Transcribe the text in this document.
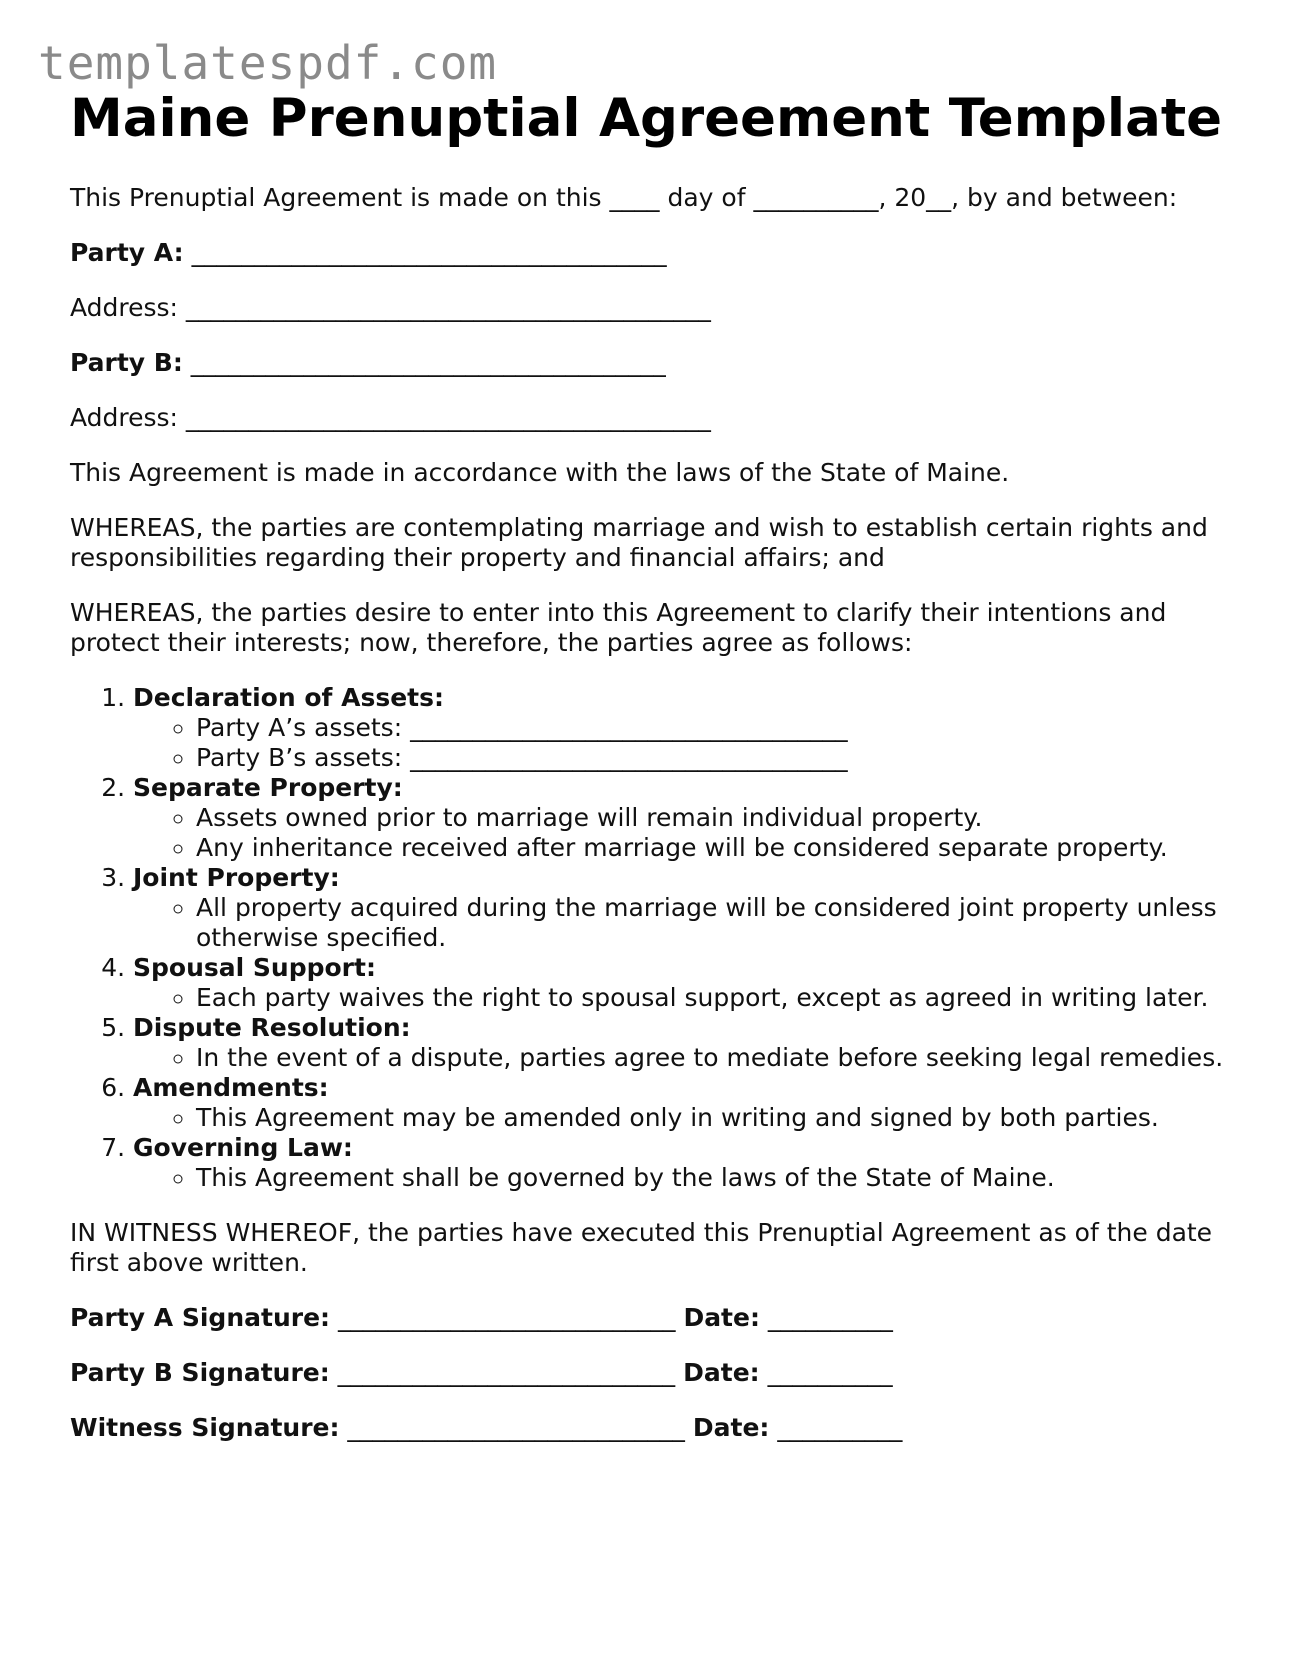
templatespdf.com
Maine Prenuptial Agreement Template

This Prenuptial Agreement is made on this ____ day of __________, 20__, by and between:

Party A: ______________________________________

Address: __________________________________________

Party B: ______________________________________

Address: __________________________________________

This Agreement is made in accordance with the laws of the State of Maine.

WHEREAS, the parties are contemplating marriage and wish to establish certain rights and responsibilities regarding their property and financial affairs; and

WHEREAS, the parties desire to enter into this Agreement to clarify their intentions and protect their interests; now, therefore, the parties agree as follows:

1. Declaration of Assets:
◦ Party A’s assets: ___________________________________
◦ Party B’s assets: ___________________________________
2. Separate Property:
◦ Assets owned prior to marriage will remain individual property.
◦ Any inheritance received after marriage will be considered separate property.
3. Joint Property:
◦ All property acquired during the marriage will be considered joint property unless otherwise specified.
4. Spousal Support:
◦ Each party waives the right to spousal support, except as agreed in writing later.
5. Dispute Resolution:
◦ In the event of a dispute, parties agree to mediate before seeking legal remedies.
6. Amendments:
◦ This Agreement may be amended only in writing and signed by both parties.
7. Governing Law:
◦ This Agreement shall be governed by the laws of the State of Maine.

IN WITNESS WHEREOF, the parties have executed this Prenuptial Agreement as of the date first above written.

Party A Signature: ___________________________ Date: __________
Party B Signature: ___________________________ Date: __________
Witness Signature: ___________________________ Date: __________
